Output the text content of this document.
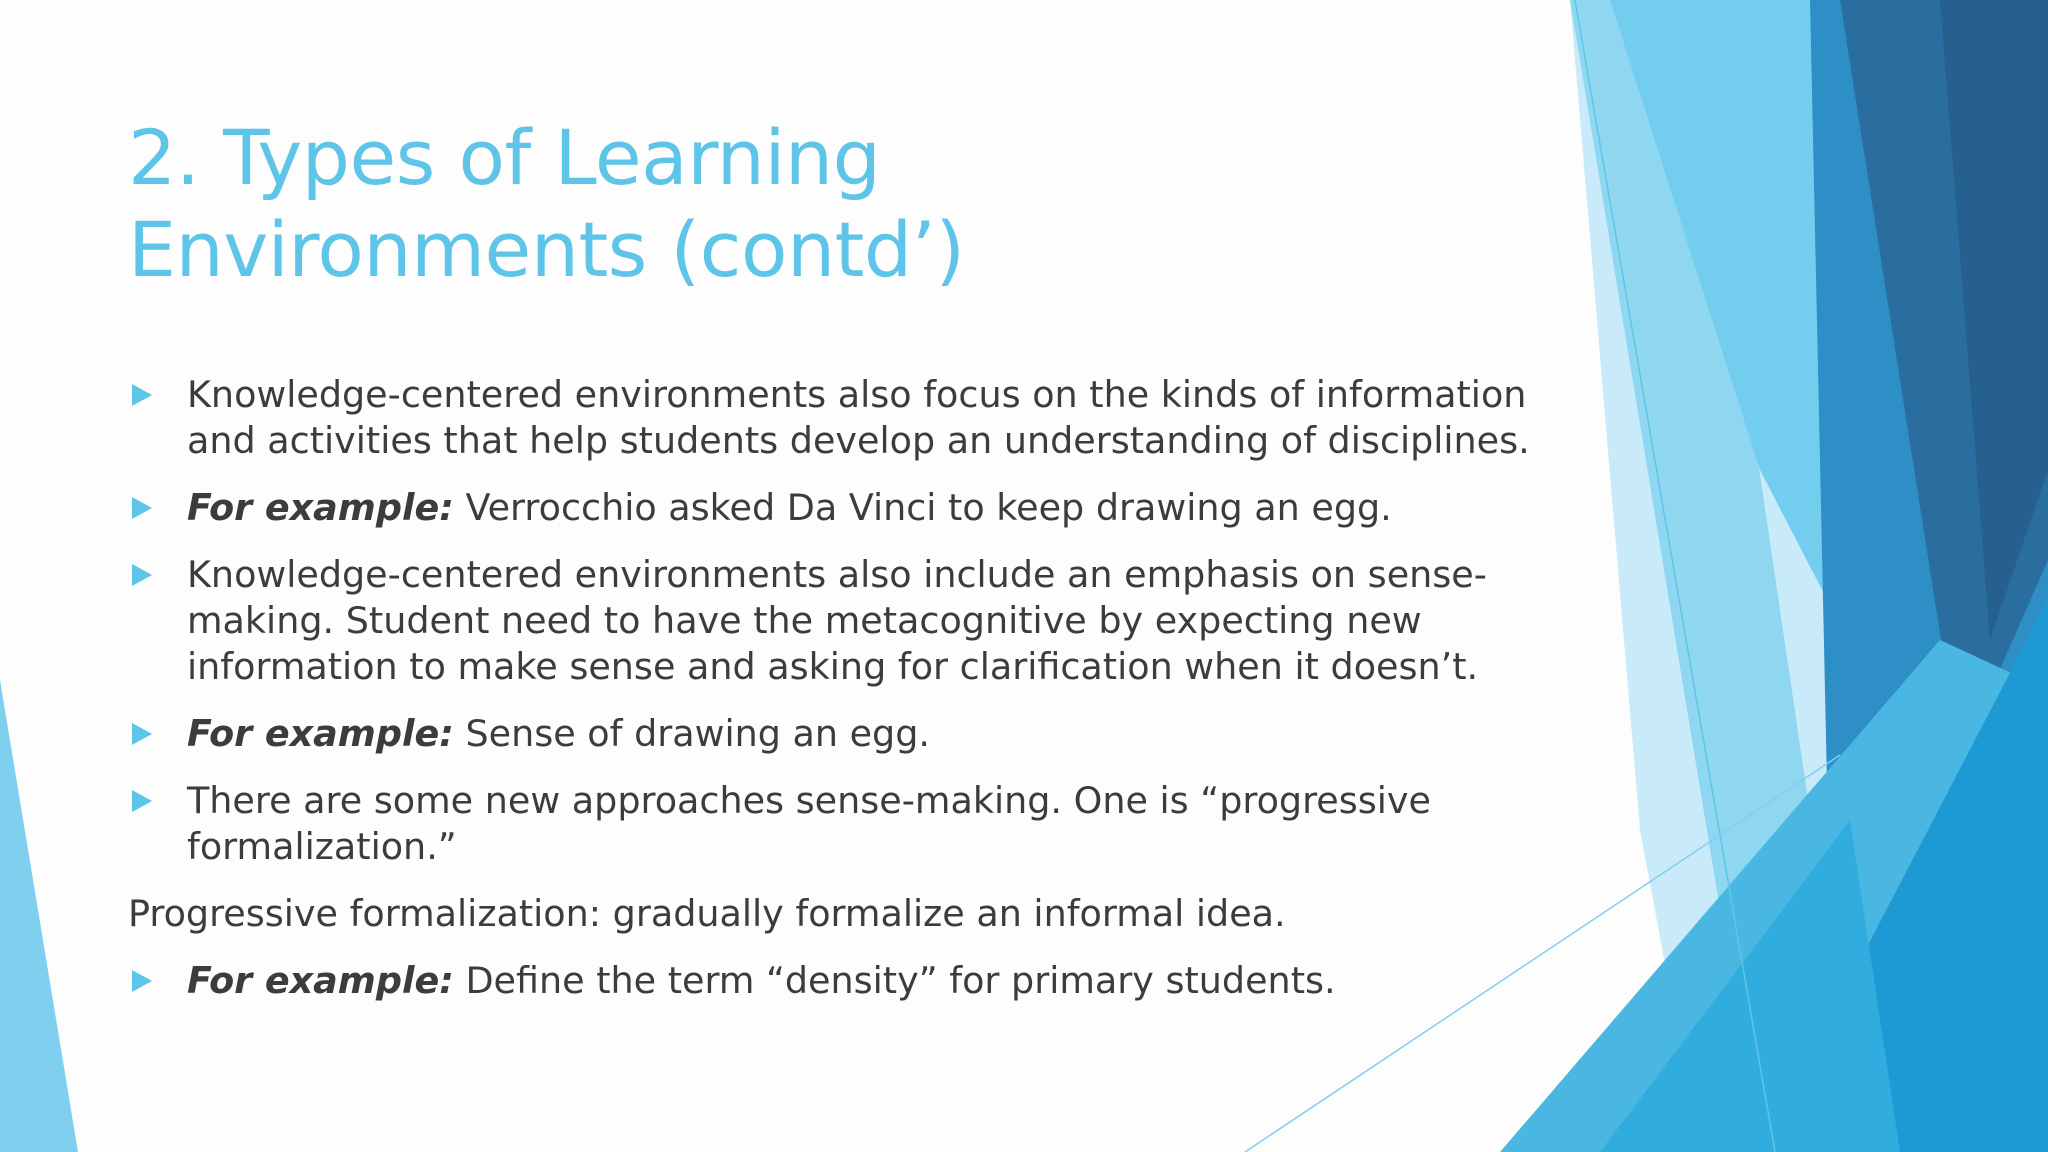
2. Types of Learning Environments (contd’)
Knowledge-centered environments also focus on the kinds of information and activities that help students develop an understanding of disciplines.
For example: Verrocchio asked Da Vinci to keep drawing an egg.
Knowledge-centered environments also include an emphasis on sense-making. Student need to have the metacognitive by expecting new information to make sense and asking for clarification when it doesn’t.
For example: Sense of drawing an egg.
There are some new approaches sense-making. One is “progressive formalization.”
Progressive formalization: gradually formalize an informal idea.
For example: Define the term “density” for primary students.
